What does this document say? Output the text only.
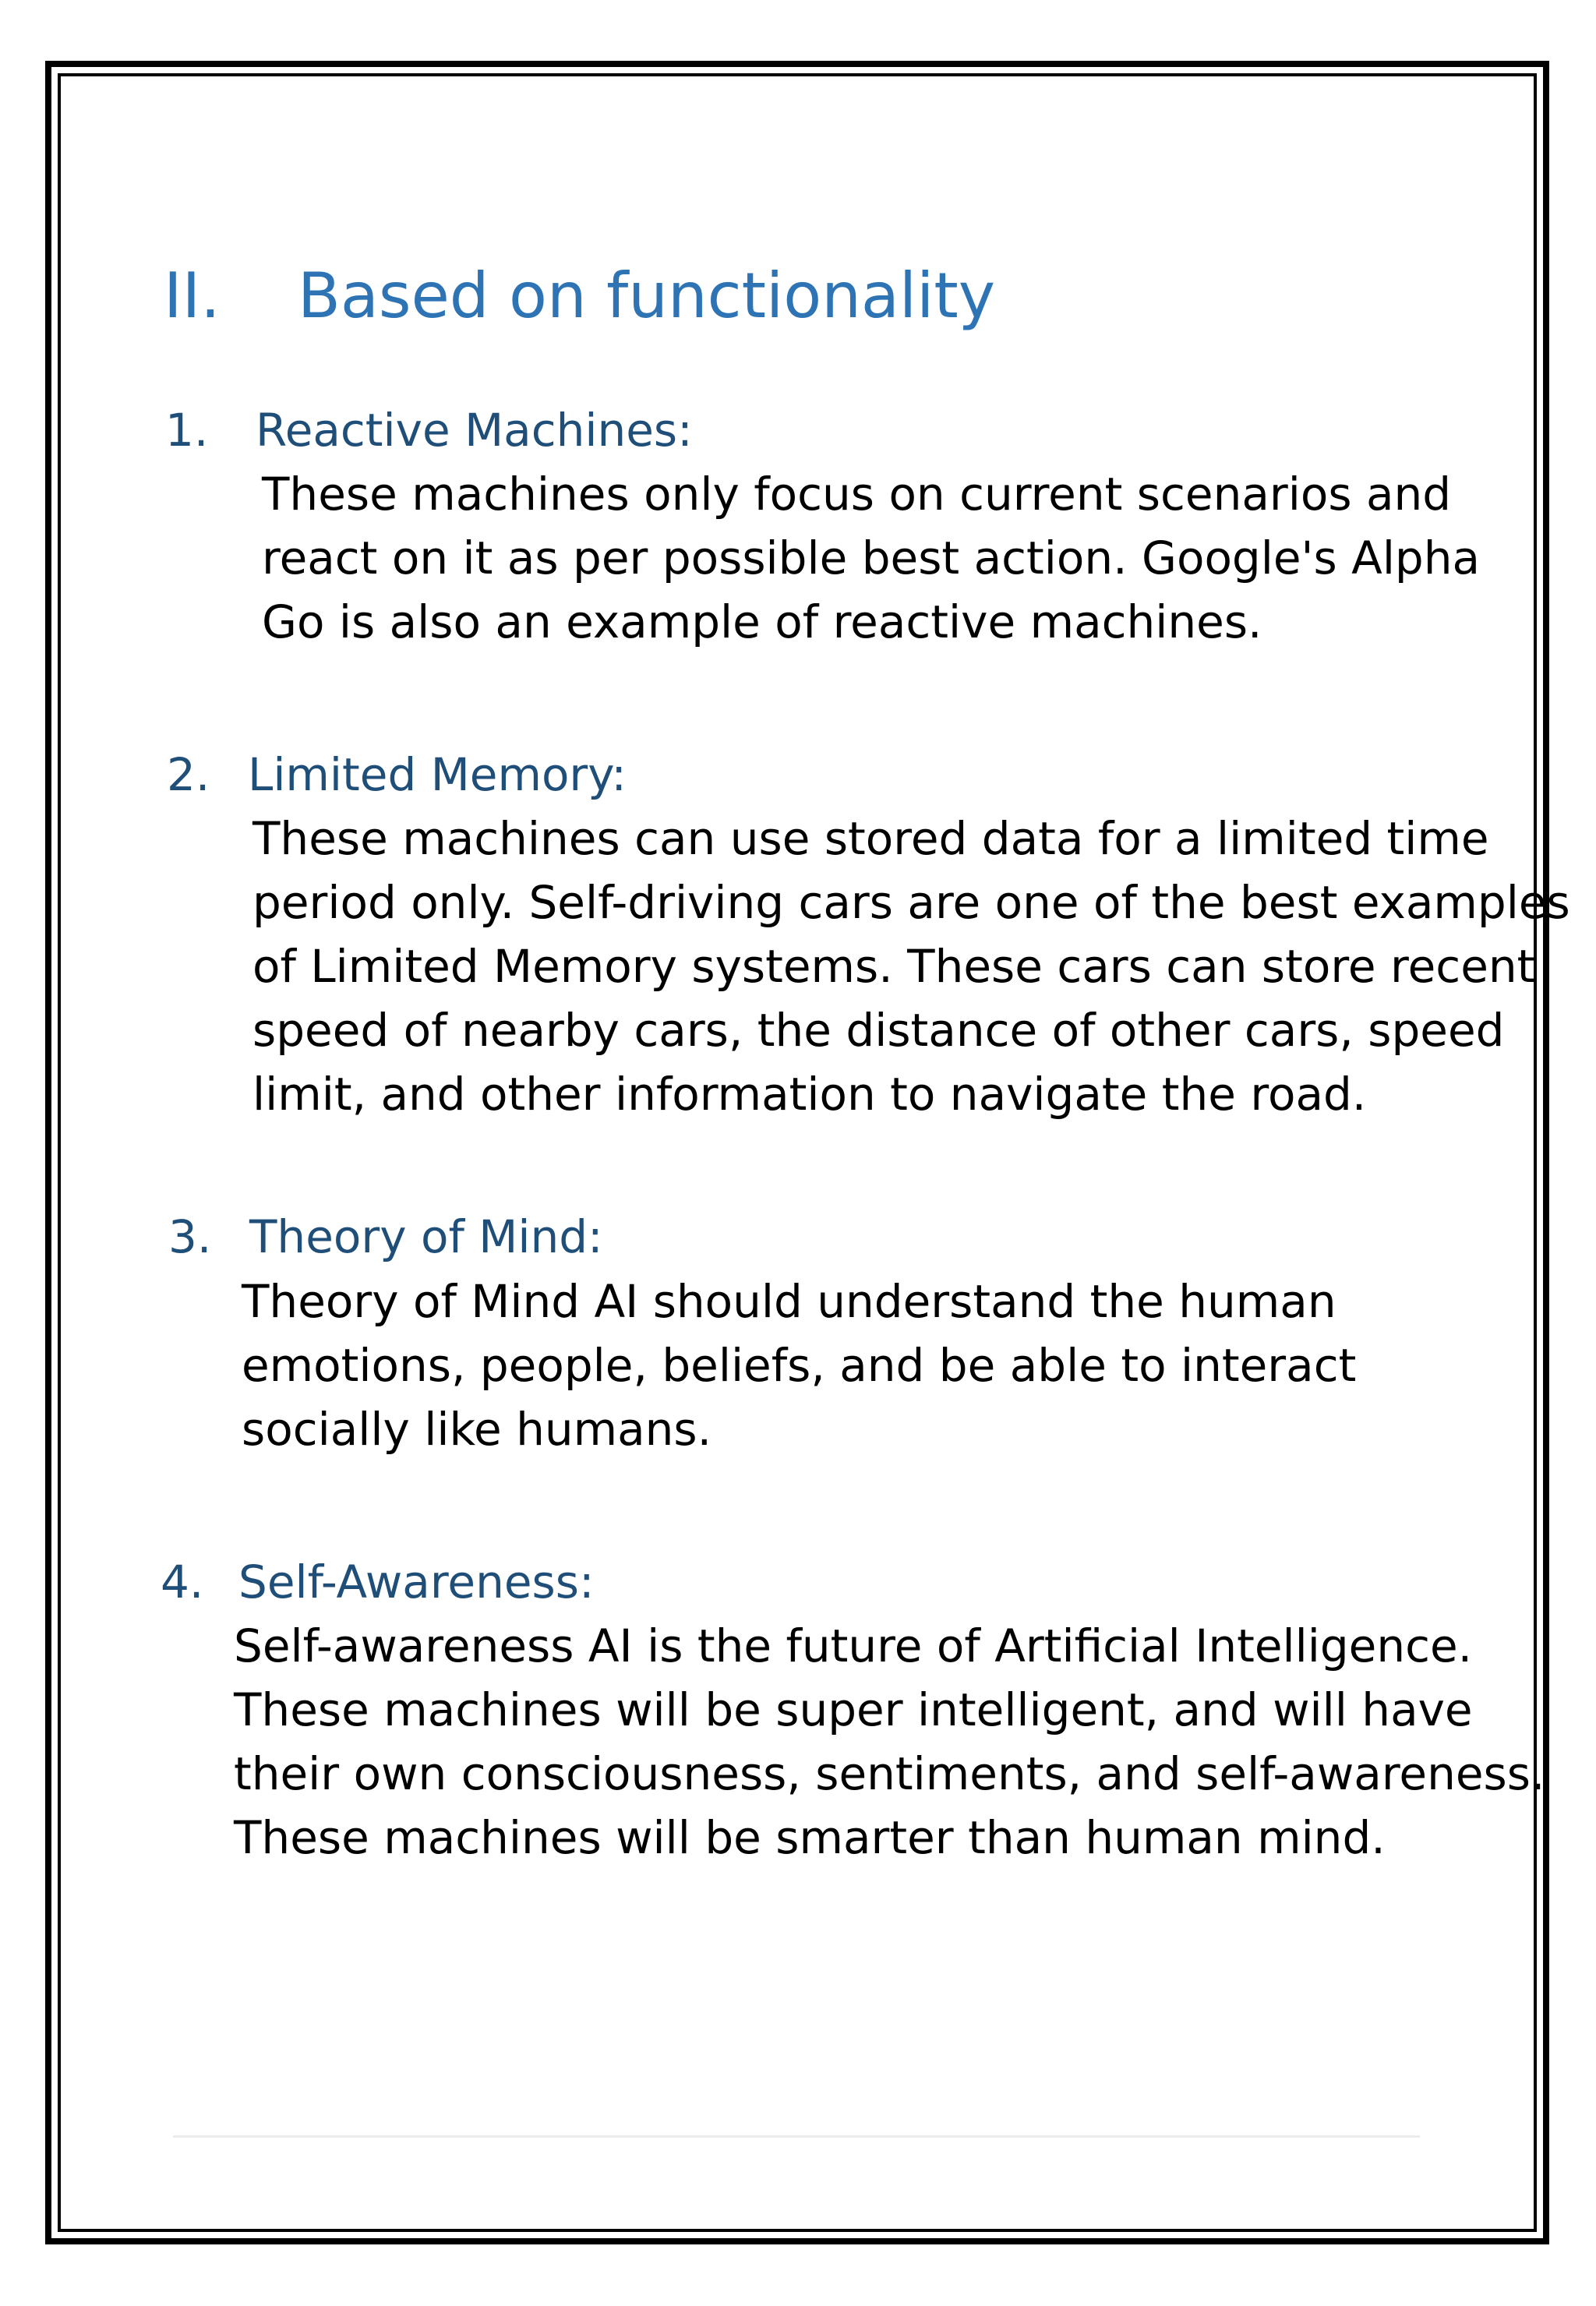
II. Based on functionality
1. Reactive Machines:
These machines only focus on current scenarios and
react on it as per possible best action. Google's Alpha
Go is also an example of reactive machines.
2. Limited Memory:
These machines can use stored data for a limited time
period only. Self-driving cars are one of the best examples
of Limited Memory systems. These cars can store recent
speed of nearby cars, the distance of other cars, speed
limit, and other information to navigate the road.
3. Theory of Mind:
Theory of Mind AI should understand the human
emotions, people, beliefs, and be able to interact
socially like humans.
4. Self-Awareness:
Self-awareness AI is the future of Artificial Intelligence.
These machines will be super intelligent, and will have
their own consciousness, sentiments, and self-awareness.
These machines will be smarter than human mind.
